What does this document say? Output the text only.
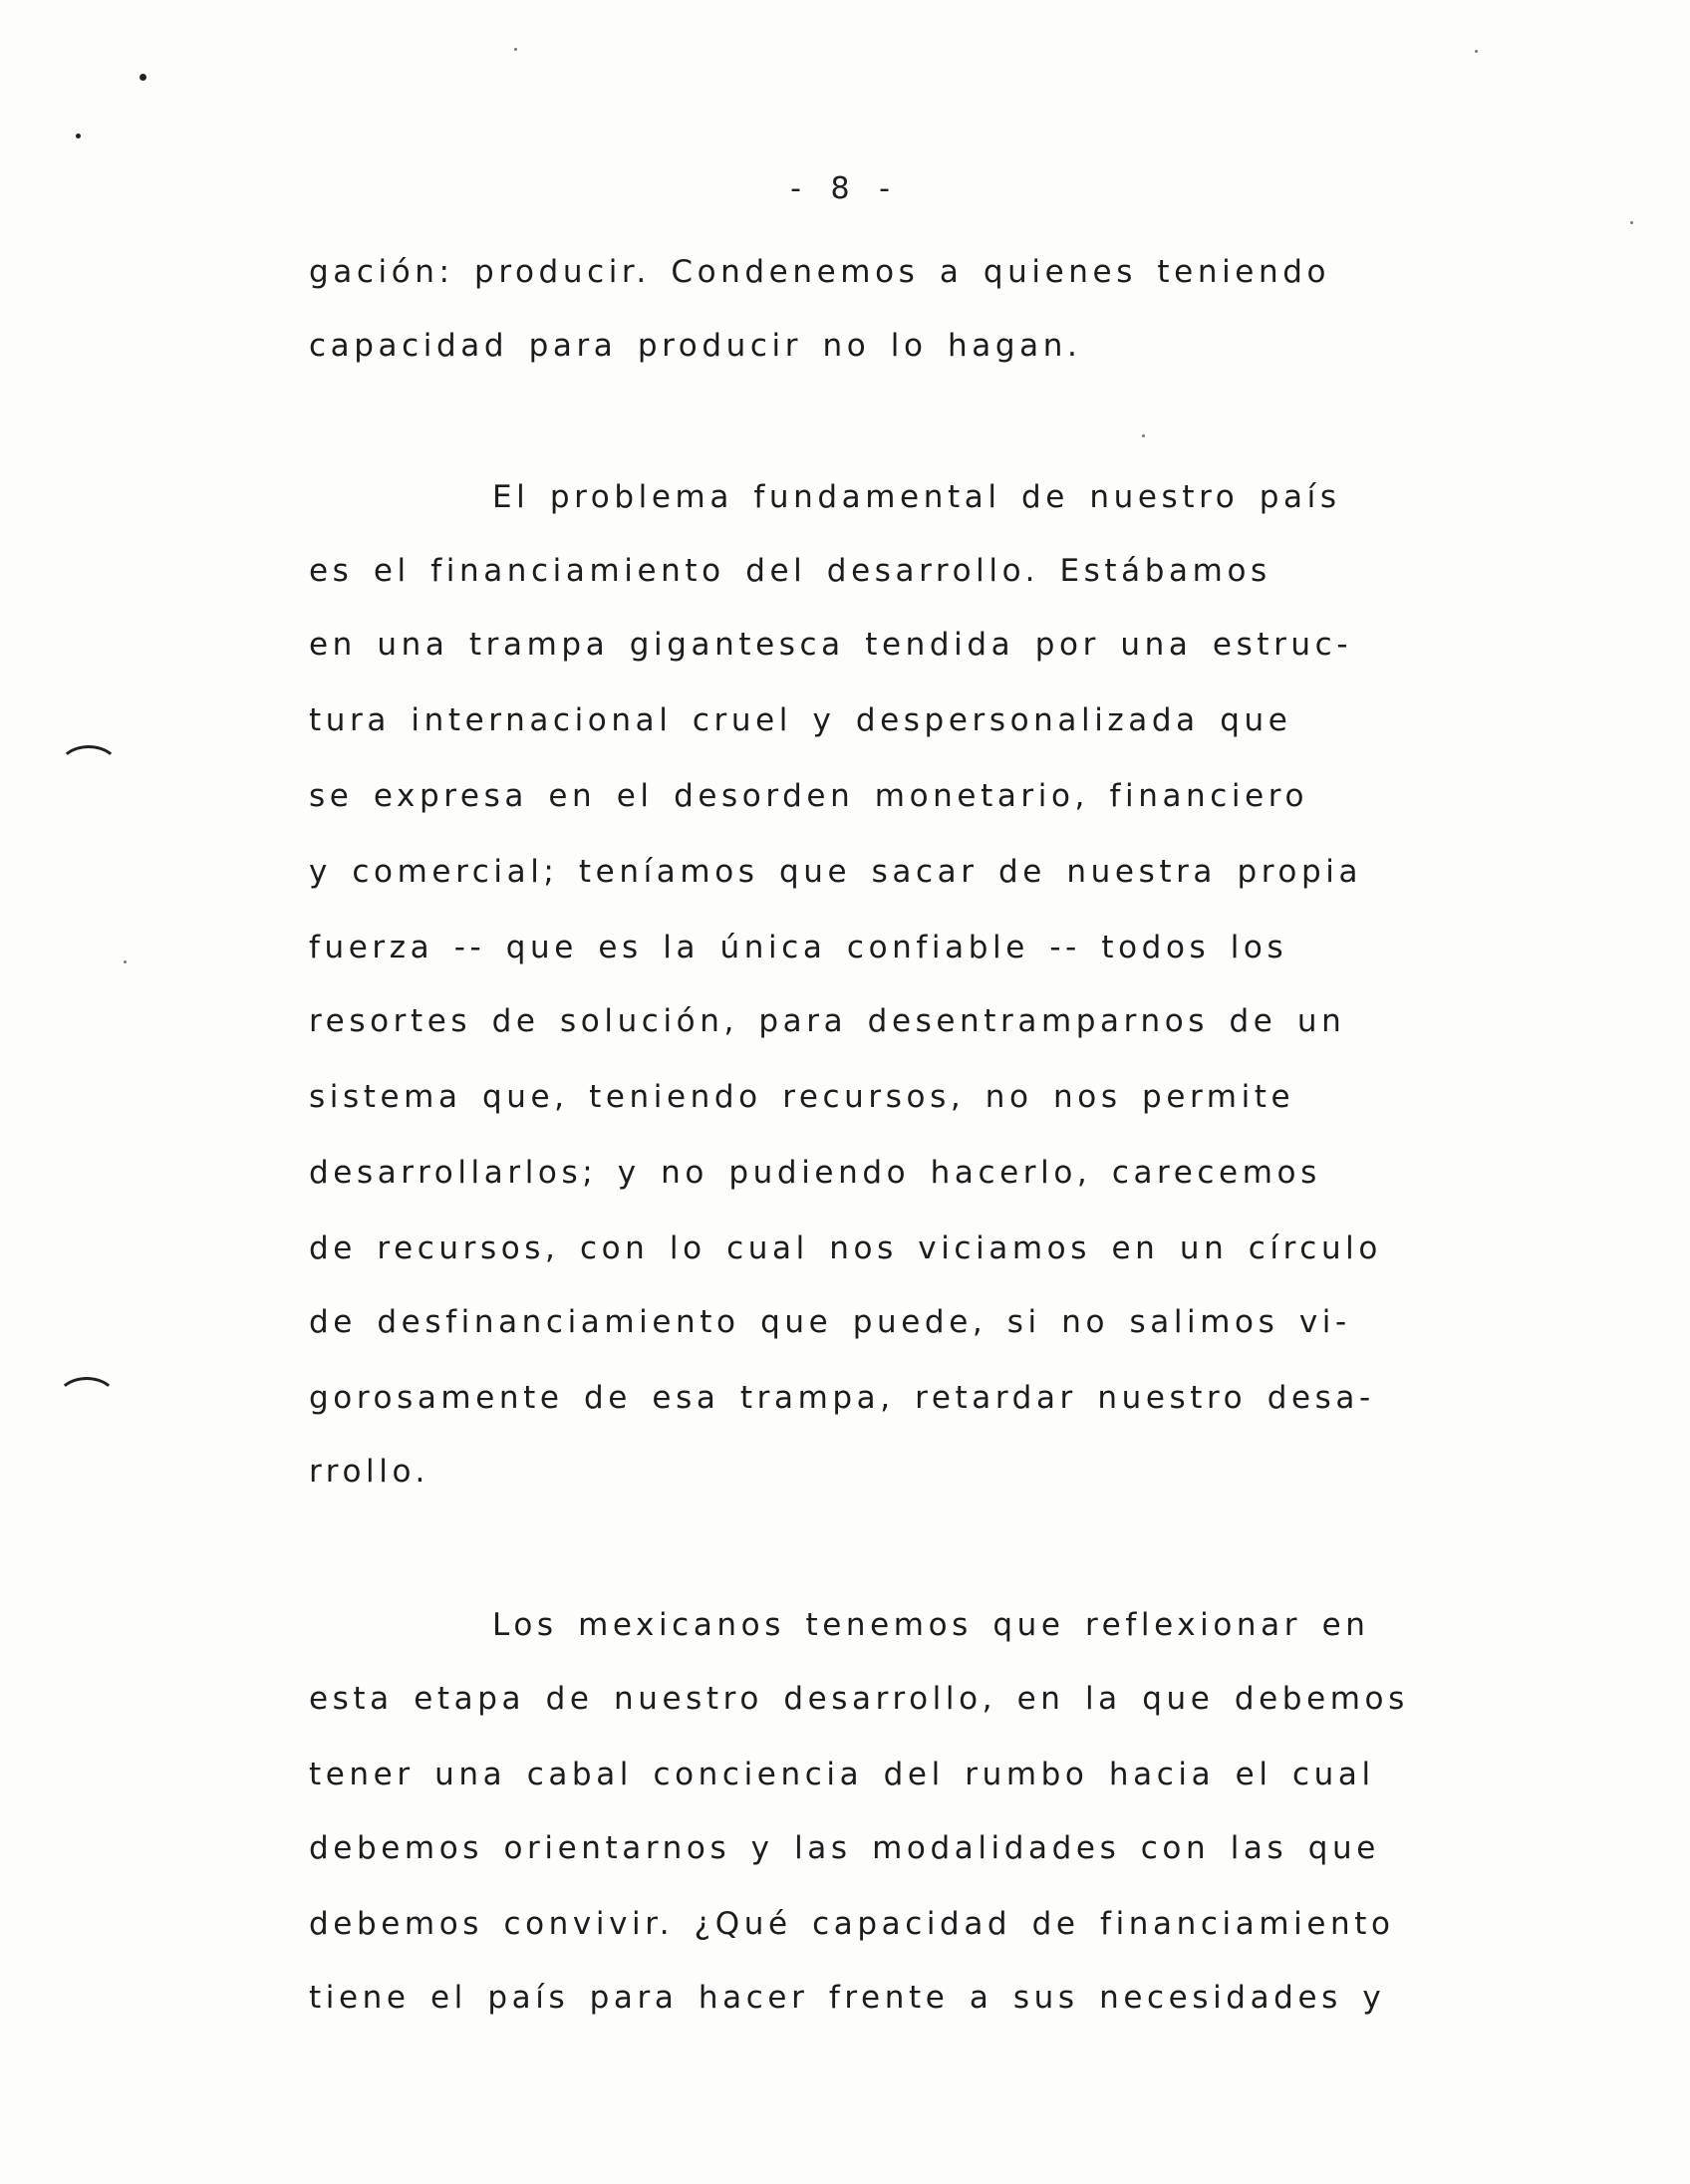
- 8 -
gación: producir. Condenemos a quienes teniendo
capacidad para producir no lo hagan.
El problema fundamental de nuestro país
es el financiamiento del desarrollo. Estábamos
en una trampa gigantesca tendida por una estruc-
tura internacional cruel y despersonalizada que
se expresa en el desorden monetario, financiero
y comercial; teníamos que sacar de nuestra propia
fuerza -- que es la única confiable -- todos los
resortes de solución, para desentramparnos de un
sistema que, teniendo recursos, no nos permite
desarrollarlos; y no pudiendo hacerlo, carecemos
de recursos, con lo cual nos viciamos en un círculo
de desfinanciamiento que puede, si no salimos vi-
gorosamente de esa trampa, retardar nuestro desa-
rrollo.
Los mexicanos tenemos que reflexionar en
esta etapa de nuestro desarrollo, en la que debemos
tener una cabal conciencia del rumbo hacia el cual
debemos orientarnos y las modalidades con las que
debemos convivir. ¿Qué capacidad de financiamiento
tiene el país para hacer frente a sus necesidades y
